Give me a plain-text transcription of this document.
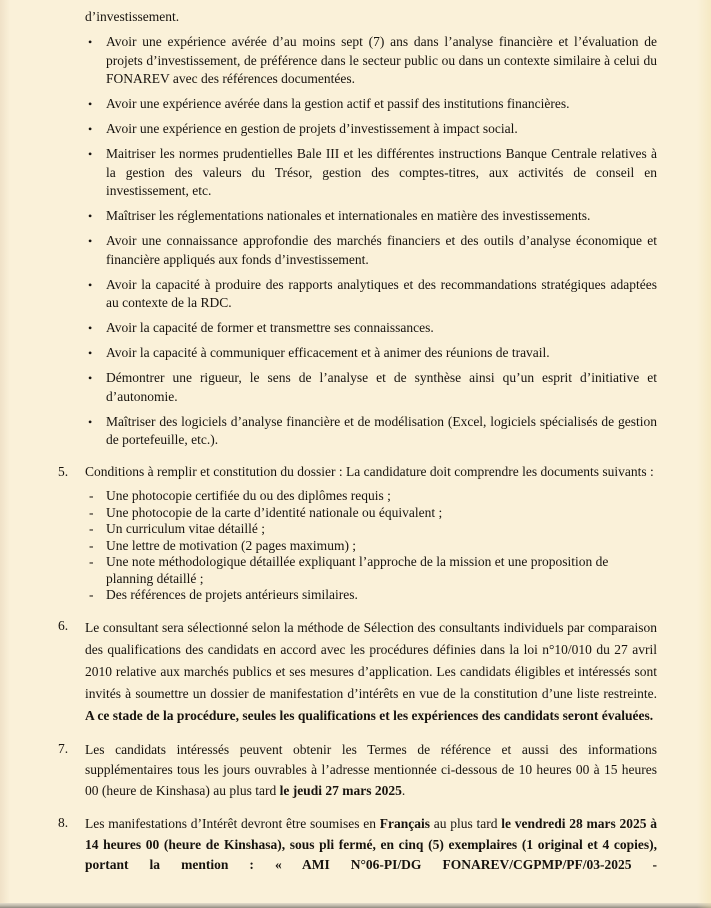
d’investissement.

• Avoir une expérience avérée d’au moins sept (7) ans dans l’analyse financière et l’évaluation de projets d’investissement, de préférence dans le secteur public ou dans un contexte similaire à celui du FONAREV avec des références documentées.
• Avoir une expérience avérée dans la gestion actif et passif des institutions financières.
• Avoir une expérience en gestion de projets d’investissement à impact social.
• Maitriser les normes prudentielles Bale III et les différentes instructions Banque Centrale relatives à la gestion des valeurs du Trésor, gestion des comptes-titres, aux activités de conseil en investissement, etc.
• Maîtriser les réglementations nationales et internationales en matière des investissements.
• Avoir une connaissance approfondie des marchés financiers et des outils d’analyse économique et financière appliqués aux fonds d’investissement.
• Avoir la capacité à produire des rapports analytiques et des recommandations stratégiques adaptées au contexte de la RDC.
• Avoir la capacité de former et transmettre ses connaissances.
• Avoir la capacité à communiquer efficacement et à animer des réunions de travail.
• Démontrer une rigueur, le sens de l’analyse et de synthèse ainsi qu’un esprit d’initiative et d’autonomie.
• Maîtriser des logiciels d’analyse financière et de modélisation (Excel, logiciels spécialisés de gestion de portefeuille, etc.).
5. Conditions à remplir et constitution du dossier : La candidature doit comprendre les documents suivants :

- Une photocopie certifiée du ou des diplômes requis ;
- Une photocopie de la carte d’identité nationale ou équivalent ;
- Un curriculum vitae détaillé ;
- Une lettre de motivation (2 pages maximum) ;
- Une note méthodologique détaillée expliquant l’approche de la mission et une proposition de planning détaillé ;
- Des références de projets antérieurs similaires.
6. Le consultant sera sélectionné selon la méthode de Sélection des consultants individuels par comparaison des qualifications des candidats en accord avec les procédures définies dans la loi n°10/010 du 27 avril 2010 relative aux marchés publics et ses mesures d’application. Les candidats éligibles et intéressés sont invités à soumettre un dossier de manifestation d’intérêts en vue de la constitution d’une liste restreinte. A ce stade de la procédure, seules les qualifications et les expériences des candidats seront évaluées.

7. Les candidats intéressés peuvent obtenir les Termes de référence et aussi des informations supplémentaires tous les jours ouvrables à l’adresse mentionnée ci-dessous de 10 heures 00 à 15 heures 00 (heure de Kinshasa) au plus tard le jeudi 27 mars 2025.

8. Les manifestations d’Intérêt devront être soumises en Français au plus tard le vendredi 28 mars 2025 à 14 heures 00 (heure de Kinshasa), sous pli fermé, en cinq (5) exemplaires (1 original et 4 copies), portant la mention : « AMI N°06-PI/DG FONAREV/CGPMP/PF/03-2025 -
